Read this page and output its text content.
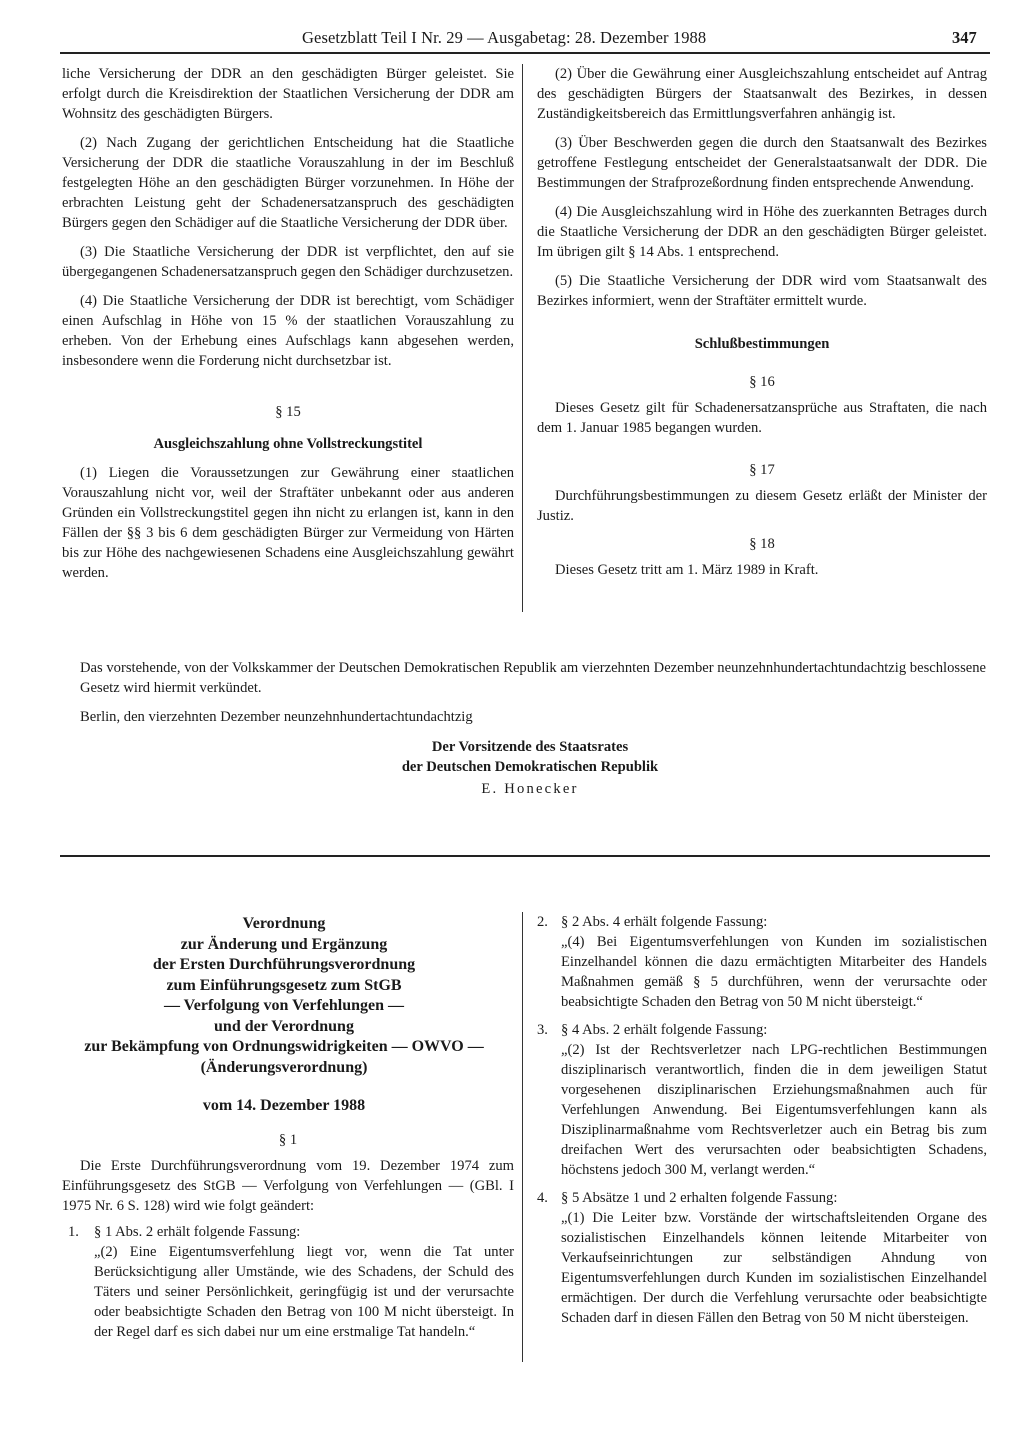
Gesetzblatt Teil I Nr. 29 — Ausgabetag: 28. Dezember 1988	347

liche Versicherung der DDR an den geschädigten Bürger geleistet. Sie erfolgt durch die Kreisdirektion der Staatlichen Versicherung der DDR am Wohnsitz des geschädigten Bürgers.

(2) Nach Zugang der gerichtlichen Entscheidung hat die Staatliche Versicherung der DDR die staatliche Vorauszahlung in der im Beschluß festgelegten Höhe an den geschädigten Bürger vorzunehmen. In Höhe der erbrachten Leistung geht der Schadenersatzanspruch des geschädigten Bürgers gegen den Schädiger auf die Staatliche Versicherung der DDR über.

(3) Die Staatliche Versicherung der DDR ist verpflichtet, den auf sie übergegangenen Schadenersatzanspruch gegen den Schädiger durchzusetzen.

(4) Die Staatliche Versicherung der DDR ist berechtigt, vom Schädiger einen Aufschlag in Höhe von 15 % der staatlichen Vorauszahlung zu erheben. Von der Erhebung eines Aufschlags kann abgesehen werden, insbesondere wenn die Forderung nicht durchsetzbar ist.

§ 15

Ausgleichszahlung ohne Vollstreckungstitel

(1) Liegen die Voraussetzungen zur Gewährung einer staatlichen Vorauszahlung nicht vor, weil der Straftäter unbekannt oder aus anderen Gründen ein Vollstreckungstitel gegen ihn nicht zu erlangen ist, kann in den Fällen der §§ 3 bis 6 dem geschädigten Bürger zur Vermeidung von Härten bis zur Höhe des nachgewiesenen Schadens eine Ausgleichszahlung gewährt werden.

(2) Über die Gewährung einer Ausgleichszahlung entscheidet auf Antrag des geschädigten Bürgers der Staatsanwalt des Bezirkes, in dessen Zuständigkeitsbereich das Ermittlungsverfahren anhängig ist.

(3) Über Beschwerden gegen die durch den Staatsanwalt des Bezirkes getroffene Festlegung entscheidet der Generalstaatsanwalt der DDR. Die Bestimmungen der Strafprozeßordnung finden entsprechende Anwendung.

(4) Die Ausgleichszahlung wird in Höhe des zuerkannten Betrages durch die Staatliche Versicherung der DDR an den geschädigten Bürger geleistet. Im übrigen gilt § 14 Abs. 1 entsprechend.

(5) Die Staatliche Versicherung der DDR wird vom Staatsanwalt des Bezirkes informiert, wenn der Straftäter ermittelt wurde.

Schlußbestimmungen

§ 16

Dieses Gesetz gilt für Schadenersatzansprüche aus Straftaten, die nach dem 1. Januar 1985 begangen wurden.

§ 17

Durchführungsbestimmungen zu diesem Gesetz erläßt der Minister der Justiz.

§ 18

Dieses Gesetz tritt am 1. März 1989 in Kraft.

Das vorstehende, von der Volkskammer der Deutschen Demokratischen Republik am vierzehnten Dezember neunzehnhundertachtundachtzig beschlossene Gesetz wird hiermit verkündet.
Berlin, den vierzehnten Dezember neunzehnhundertachtundachtzig
Der Vorsitzende des Staatsrates
der Deutschen Demokratischen Republik
E. Honecker
Verordnung
zur Änderung und Ergänzung
der Ersten Durchführungsverordnung
zum Einführungsgesetz zum StGB
— Verfolgung von Verfehlungen —
und der Verordnung
zur Bekämpfung von Ordnungswidrigkeiten — OWVO —
(Änderungsverordnung)
vom 14. Dezember 1988

§ 1

Die Erste Durchführungsverordnung vom 19. Dezember 1974 zum Einführungsgesetz des StGB — Verfolgung von Verfehlungen — (GBl. I 1975 Nr. 6 S. 128) wird wie folgt geändert:

1. § 1 Abs. 2 erhält folgende Fassung:
„(2) Eine Eigentumsverfehlung liegt vor, wenn die Tat unter Berücksichtigung aller Umstände, wie des Schadens, der Schuld des Täters und seiner Persönlichkeit, geringfügig ist und der verursachte oder beabsichtigte Schaden den Betrag von 100 M nicht übersteigt. In der Regel darf es sich dabei nur um eine erstmalige Tat handeln.“
2. § 2 Abs. 4 erhält folgende Fassung:
„(4) Bei Eigentumsverfehlungen von Kunden im sozialistischen Einzelhandel können die dazu ermächtigten Mitarbeiter des Handels Maßnahmen gemäß § 5 durchführen, wenn der verursachte oder beabsichtigte Schaden den Betrag von 50 M nicht übersteigt.“
3. § 4 Abs. 2 erhält folgende Fassung:
„(2) Ist der Rechtsverletzer nach LPG-rechtlichen Bestimmungen disziplinarisch verantwortlich, finden die in dem jeweiligen Statut vorgesehenen disziplinarischen Erziehungsmaßnahmen auch für Verfehlungen Anwendung. Bei Eigentumsverfehlungen kann als Disziplinarmaßnahme vom Rechtsverletzer auch ein Betrag bis zum dreifachen Wert des verursachten oder beabsichtigten Schadens, höchstens jedoch 300 M, verlangt werden.“
4. § 5 Absätze 1 und 2 erhalten folgende Fassung:
„(1) Die Leiter bzw. Vorstände der wirtschaftsleitenden Organe des sozialistischen Einzelhandels können leitende Mitarbeiter von Verkaufseinrichtungen zur selbständigen Ahndung von Eigentumsverfehlungen durch Kunden im sozialistischen Einzelhandel ermächtigen. Der durch die Verfehlung verursachte oder beabsichtigte Schaden darf in diesen Fällen den Betrag von 50 M nicht übersteigen.
